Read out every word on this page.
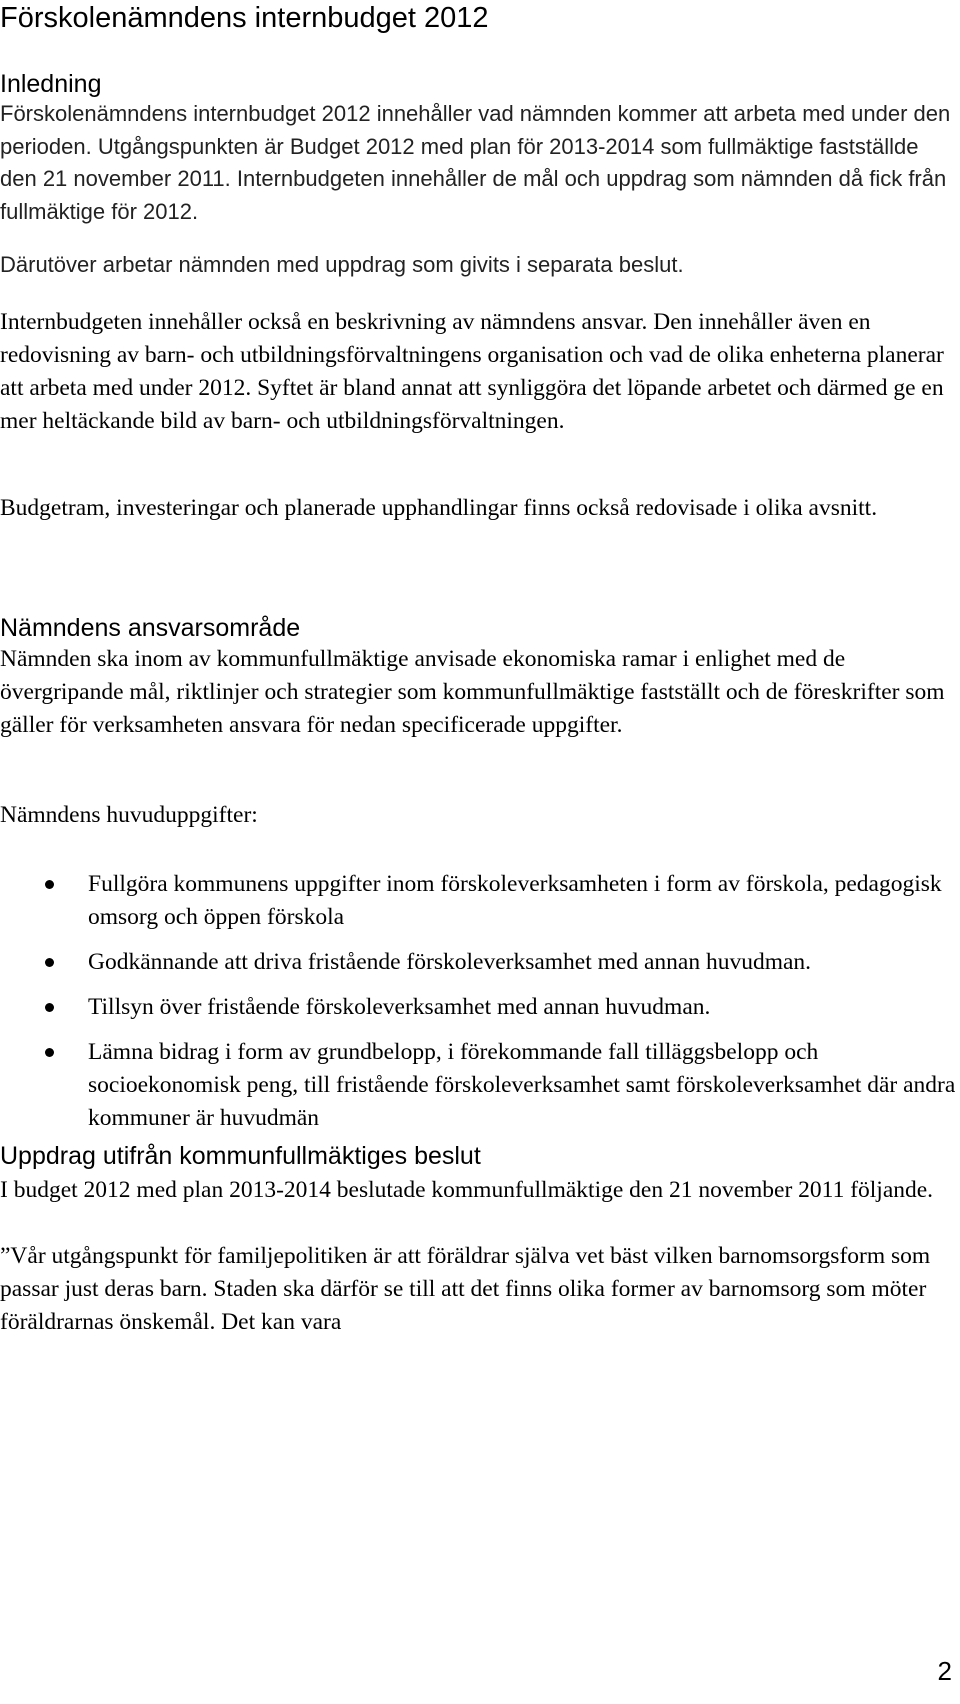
Förskolenämndens internbudget 2012
Inledning

Förskolenämndens internbudget 2012 innehåller vad nämnden kommer att arbeta med under den perioden. Utgångspunkten är Budget 2012 med plan för 2013-2014 som fullmäktige fastställde den 21 november 2011. Internbudgeten innehåller de mål och uppdrag som nämnden då fick från fullmäktige för 2012.

Därutöver arbetar nämnden med uppdrag som givits i separata beslut.

Internbudgeten innehåller också en beskrivning av nämndens ansvar. Den innehåller även en redovisning av barn- och utbildningsförvaltningens organisation och vad de olika enheterna planerar att arbeta med under 2012. Syftet är bland annat att synliggöra det löpande arbetet och därmed ge en mer heltäckande bild av barn- och utbildningsförvaltningen.

Budgetram, investeringar och planerade upphandlingar finns också redovisade i olika avsnitt.

Nämndens ansvarsområde

Nämnden ska inom av kommunfullmäktige anvisade ekonomiska ramar i enlighet med de övergripande mål, riktlinjer och strategier som kommunfullmäktige fastställt och de föreskrifter som gäller för verksamheten ansvara för nedan specificerade uppgifter.

Nämndens huvuduppgifter:

Fullgöra kommunens uppgifter inom förskoleverksamheten i form av förskola, pedagogisk omsorg och öppen förskola
Godkännande att driva fristående förskoleverksamhet med annan huvudman.
Tillsyn över fristående förskoleverksamhet med annan huvudman.
Lämna bidrag i form av grundbelopp, i förekommande fall tilläggsbelopp och socioekonomisk peng, till fristående förskoleverksamhet samt förskoleverksamhet där andra kommuner är huvudmän
Uppdrag utifrån kommunfullmäktiges beslut

I budget 2012 med plan 2013-2014 beslutade kommunfullmäktige den 21 november 2011 följande.

”Vår utgångspunkt för familjepolitiken är att föräldrar själva vet bäst vilken barnomsorgsform som passar just deras barn. Staden ska därför se till att det finns olika former av barnomsorg som möter föräldrarnas önskemål. Det kan vara

2
